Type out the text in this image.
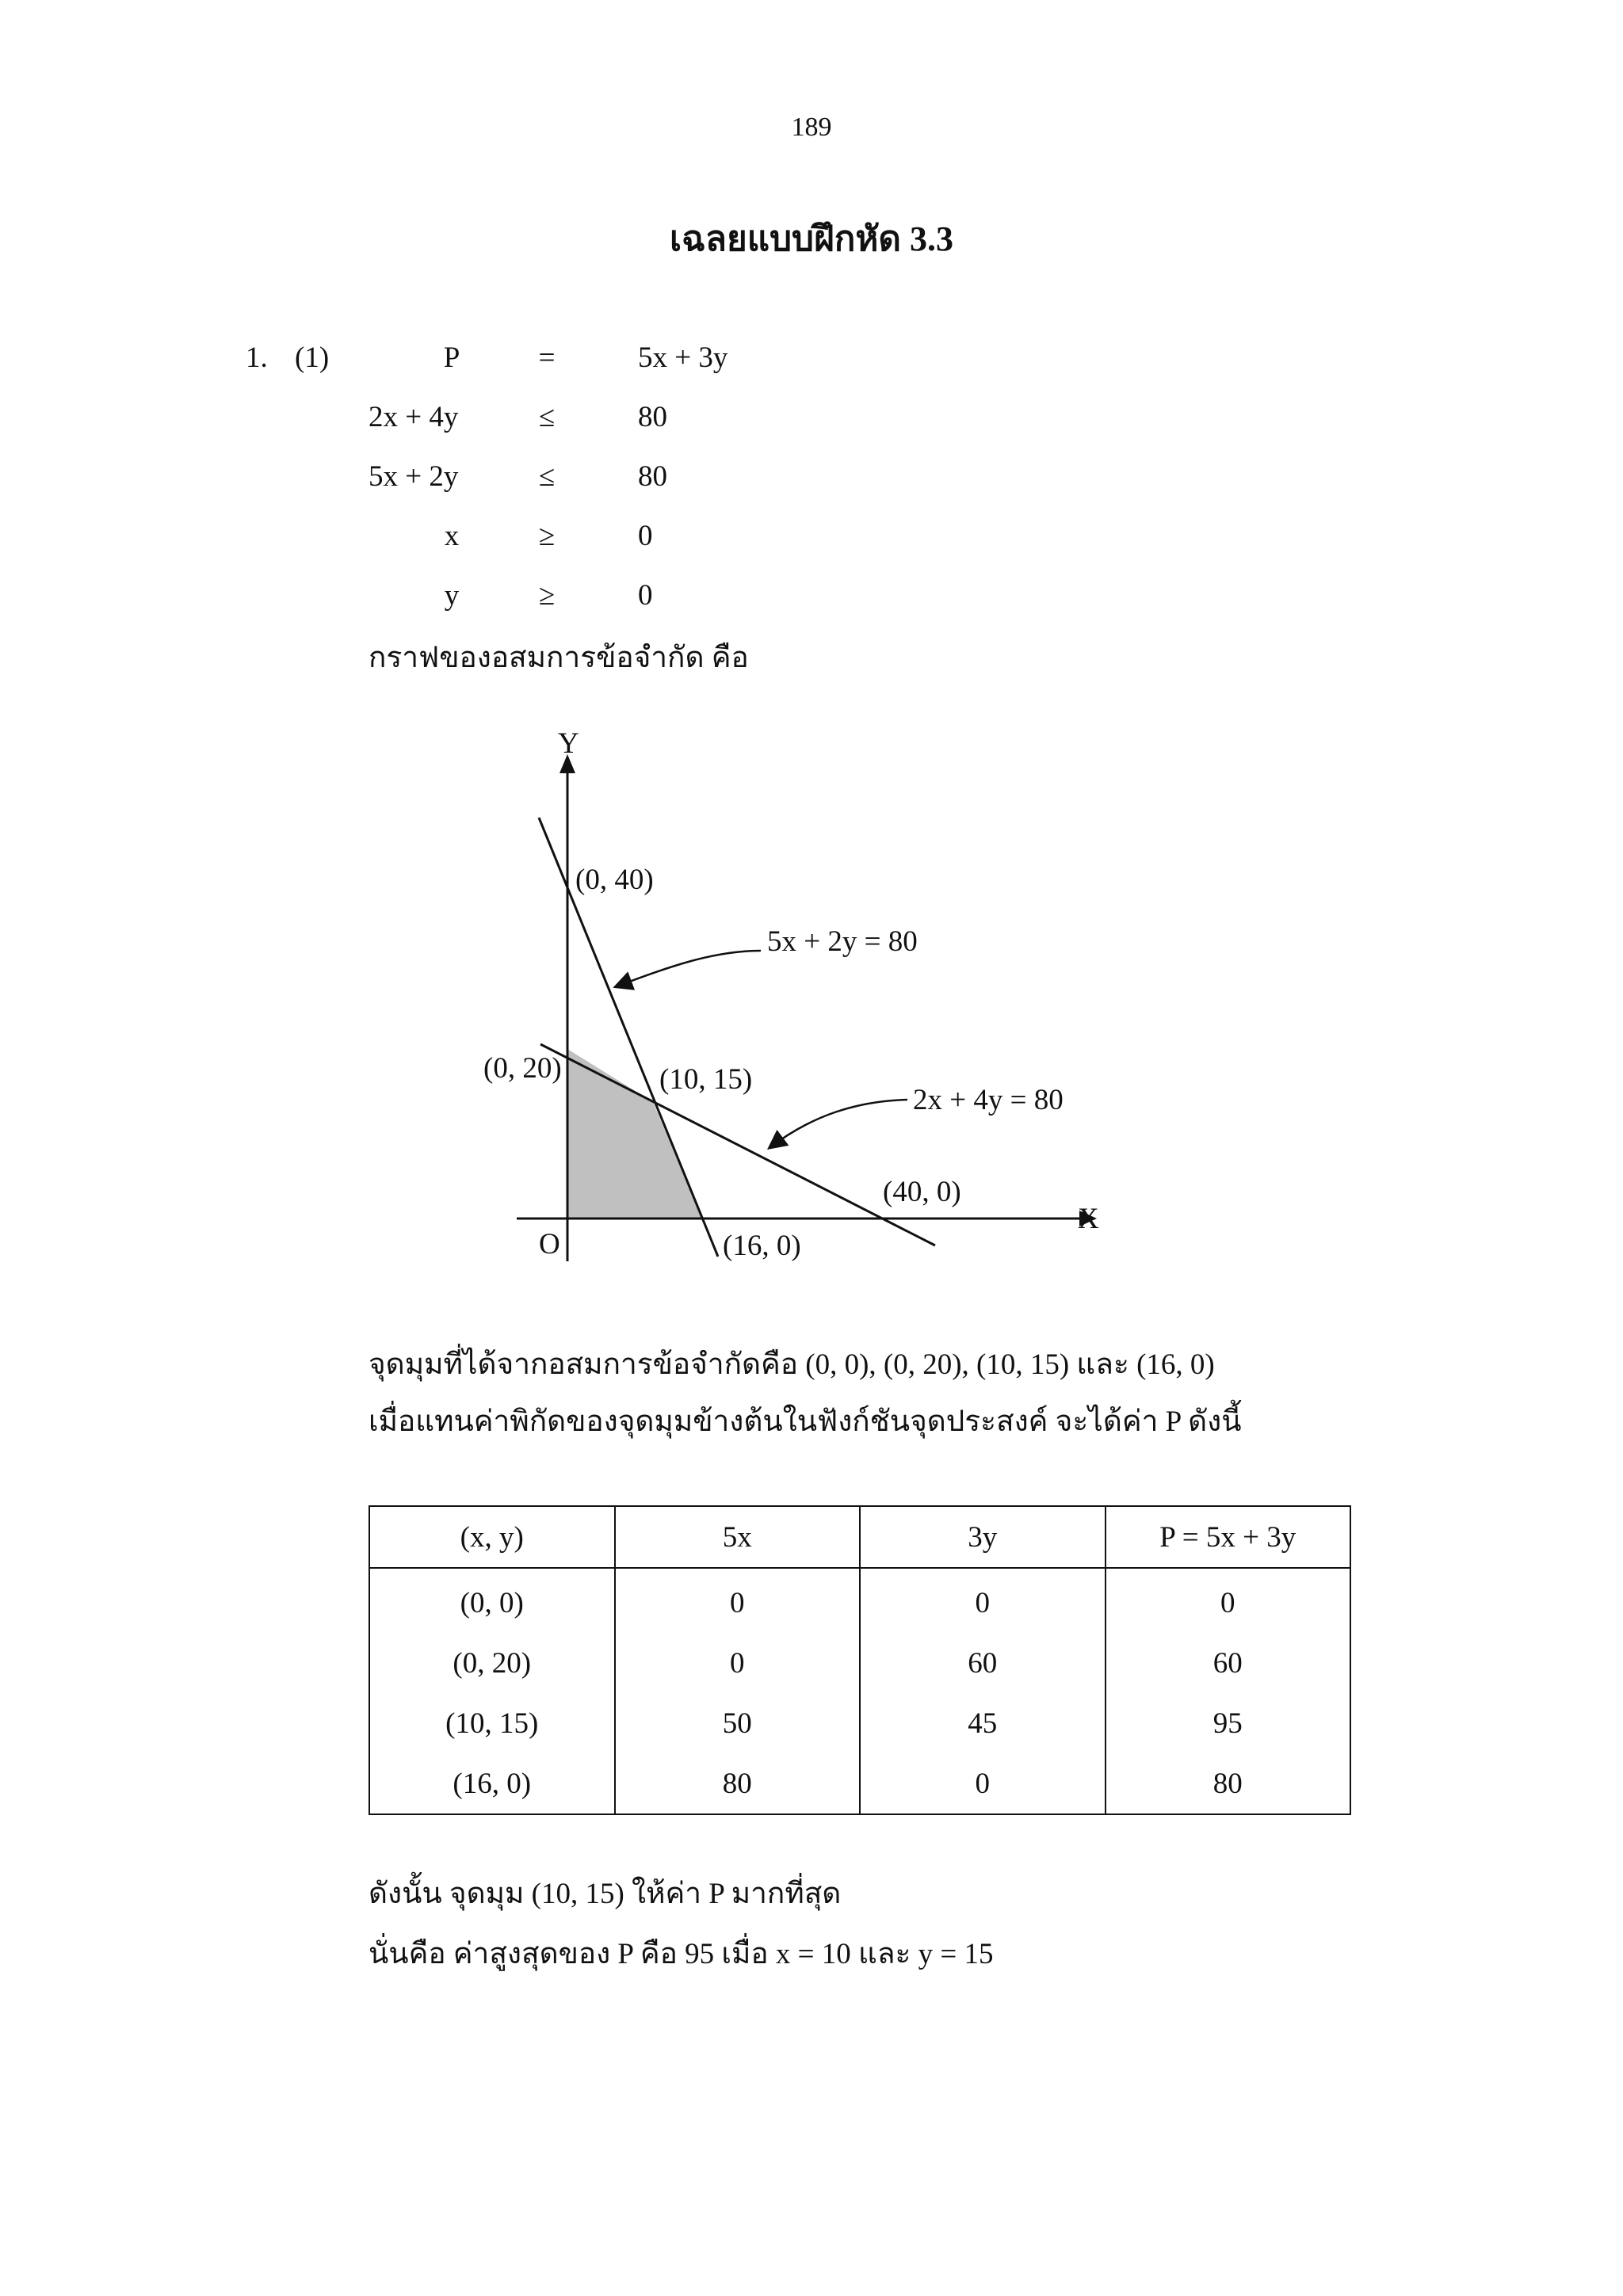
189
เฉลยแบบฝึกหัด 3.3
1. (1)	P	=	5x + 3y
2x + 4y	≤	80
5x + 2y	≤	80
x	≥	0
y	≥	0
กราฟของอสมการข้อจำกัด คือ
Y
X
O
(0, 40)
(0, 20)	(10, 15)
(40, 0)
(16, 0)
5x + 2y = 80
2x + 4y = 80
จุดมุมที่ได้จากอสมการข้อจำกัดคือ (0, 0), (0, 20), (10, 15) และ (16, 0)
เมื่อแทนค่าพิกัดของจุดมุมข้างต้นในฟังก์ชันจุดประสงค์ จะได้ค่า P ดังนี้
(x, y)	5x	3y	P = 5x + 3y
(0, 0)	0	0	0
(0, 20)	0	60	60
(10, 15)	50	45	95
(16, 0)	80	0	80
ดังนั้น จุดมุม (10, 15) ให้ค่า P มากที่สุด
นั่นคือ ค่าสูงสุดของ P คือ 95 เมื่อ x = 10 และ y = 15
